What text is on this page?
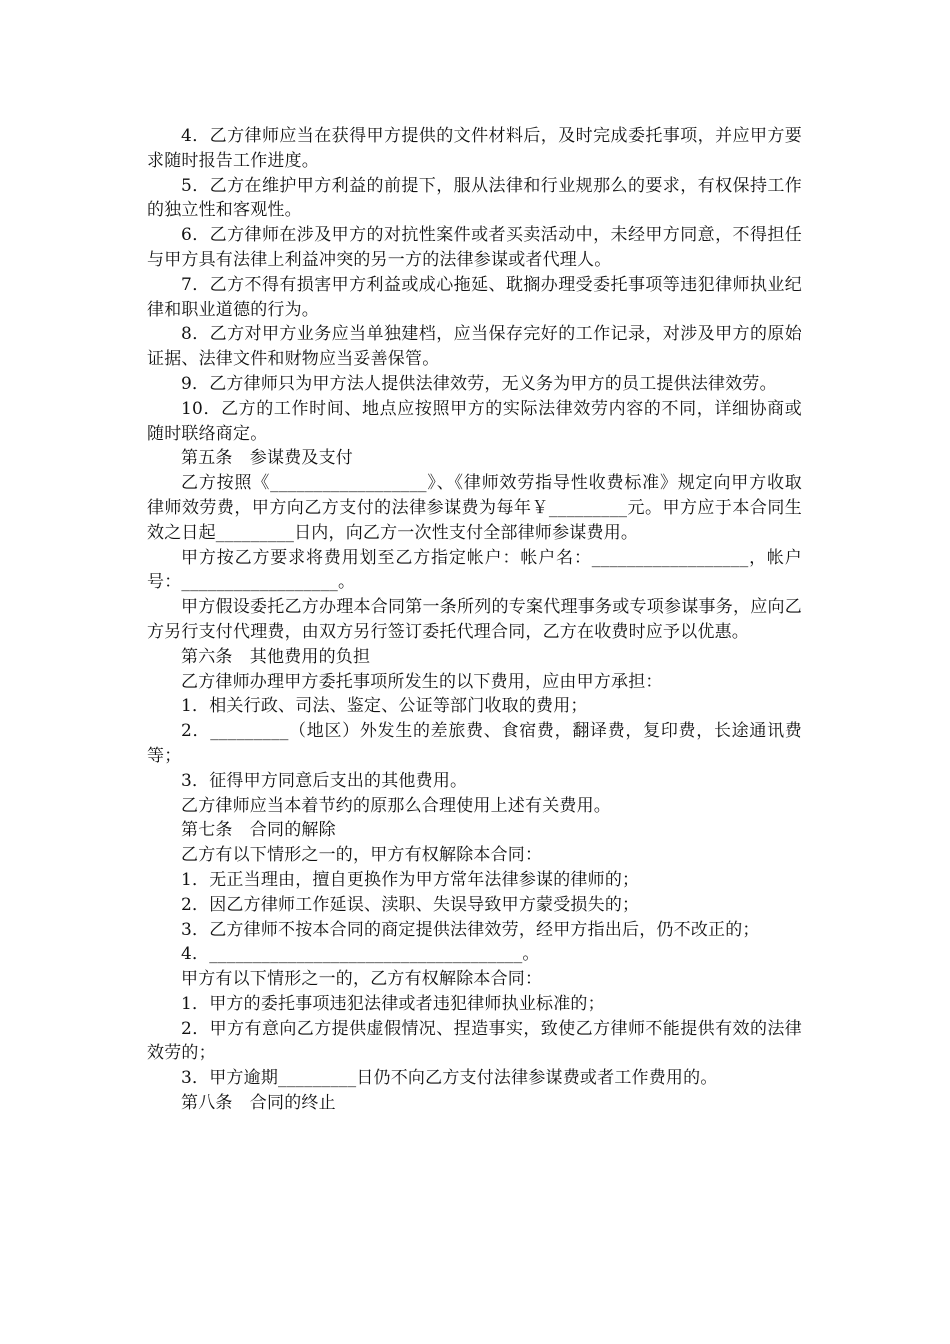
4．乙方律师应当在获得甲方提供的文件材料后，及时完成委托事项，并应甲方要求随时报告工作进度。

5．乙方在维护甲方利益的前提下，服从法律和行业规那么的要求，有权保持工作的独立性和客观性。

6．乙方律师在涉及甲方的对抗性案件或者买卖活动中，未经甲方同意，不得担任与甲方具有法律上利益冲突的另一方的法律参谋或者代理人。

7．乙方不得有损害甲方利益或成心拖延、耽搁办理受委托事项等违犯律师执业纪律和职业道德的行为。

8．乙方对甲方业务应当单独建档，应当保存完好的工作记录，对涉及甲方的原始证据、法律文件和财物应当妥善保管。

9．乙方律师只为甲方法人提供法律效劳，无义务为甲方的员工提供法律效劳。

10．乙方的工作时间、地点应按照甲方的实际法律效劳内容的不同，详细协商或随时联络商定。

第五条　参谋费及支付

乙方按照《__________________》、《律师效劳指导性收费标准》规定向甲方收取律师效劳费，甲方向乙方支付的法律参谋费为每年￥_________元。甲方应于本合同生效之日起_________日内，向乙方一次性支付全部律师参谋费用。

甲方按乙方要求将费用划至乙方指定帐户：帐户名：__________________，帐户号：__________________。

甲方假设委托乙方办理本合同第一条所列的专案代理事务或专项参谋事务，应向乙方另行支付代理费，由双方另行签订委托代理合同，乙方在收费时应予以优惠。

第六条　其他费用的负担

乙方律师办理甲方委托事项所发生的以下费用，应由甲方承担：

1．相关行政、司法、鉴定、公证等部门收取的费用；

2．_________（地区）外发生的差旅费、食宿费，翻译费，复印费，长途通讯费等；

3．征得甲方同意后支出的其他费用。

乙方律师应当本着节约的原那么合理使用上述有关费用。

第七条　合同的解除

乙方有以下情形之一的，甲方有权解除本合同：

1．无正当理由，擅自更换作为甲方常年法律参谋的律师的；

2．因乙方律师工作延误、渎职、失误导致甲方蒙受损失的；

3．乙方律师不按本合同的商定提供法律效劳，经甲方指出后，仍不改正的；

4．____________________________________。

甲方有以下情形之一的，乙方有权解除本合同：

1．甲方的委托事项违犯法律或者违犯律师执业标准的；

2．甲方有意向乙方提供虚假情况、捏造事实，致使乙方律师不能提供有效的法律效劳的；

3．甲方逾期_________日仍不向乙方支付法律参谋费或者工作费用的。

第八条　合同的终止
